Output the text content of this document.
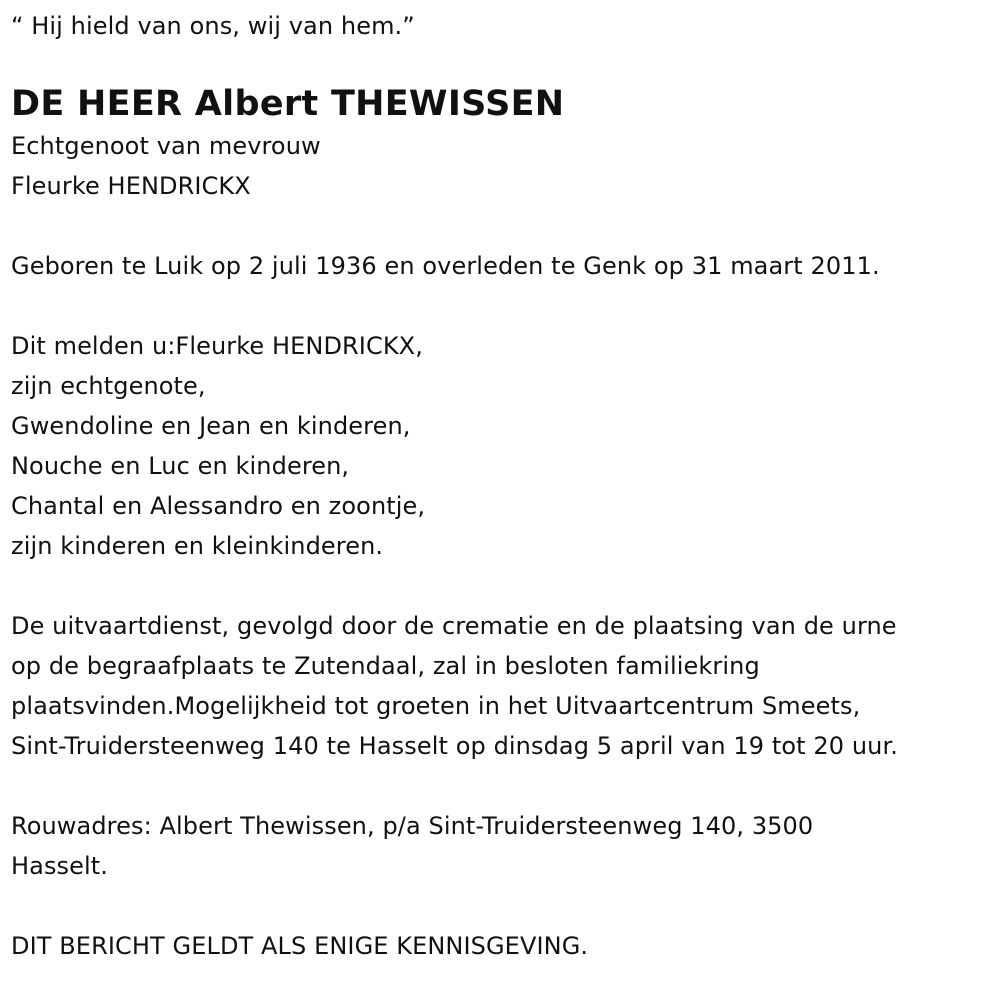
“ Hij hield van ons, wij van hem.”
DE HEER Albert THEWISSEN
Echtgenoot van mevrouw
Fleurke HENDRICKX
Geboren te Luik op 2 juli 1936 en overleden te Genk op 31 maart 2011.
Dit melden u:Fleurke HENDRICKX,
zijn echtgenote,
Gwendoline en Jean en kinderen,
Nouche en Luc en kinderen,
Chantal en Alessandro en zoontje,
zijn kinderen en kleinkinderen.
De uitvaartdienst, gevolgd door de crematie en de plaatsing van de urne
op de begraafplaats te Zutendaal, zal in besloten familiekring
plaatsvinden.Mogelijkheid tot groeten in het Uitvaartcentrum Smeets,
Sint-Truidersteenweg 140 te Hasselt op dinsdag 5 april van 19 tot 20 uur.
Rouwadres: Albert Thewissen, p/a Sint-Truidersteenweg 140, 3500
Hasselt.
DIT BERICHT GELDT ALS ENIGE KENNISGEVING.
